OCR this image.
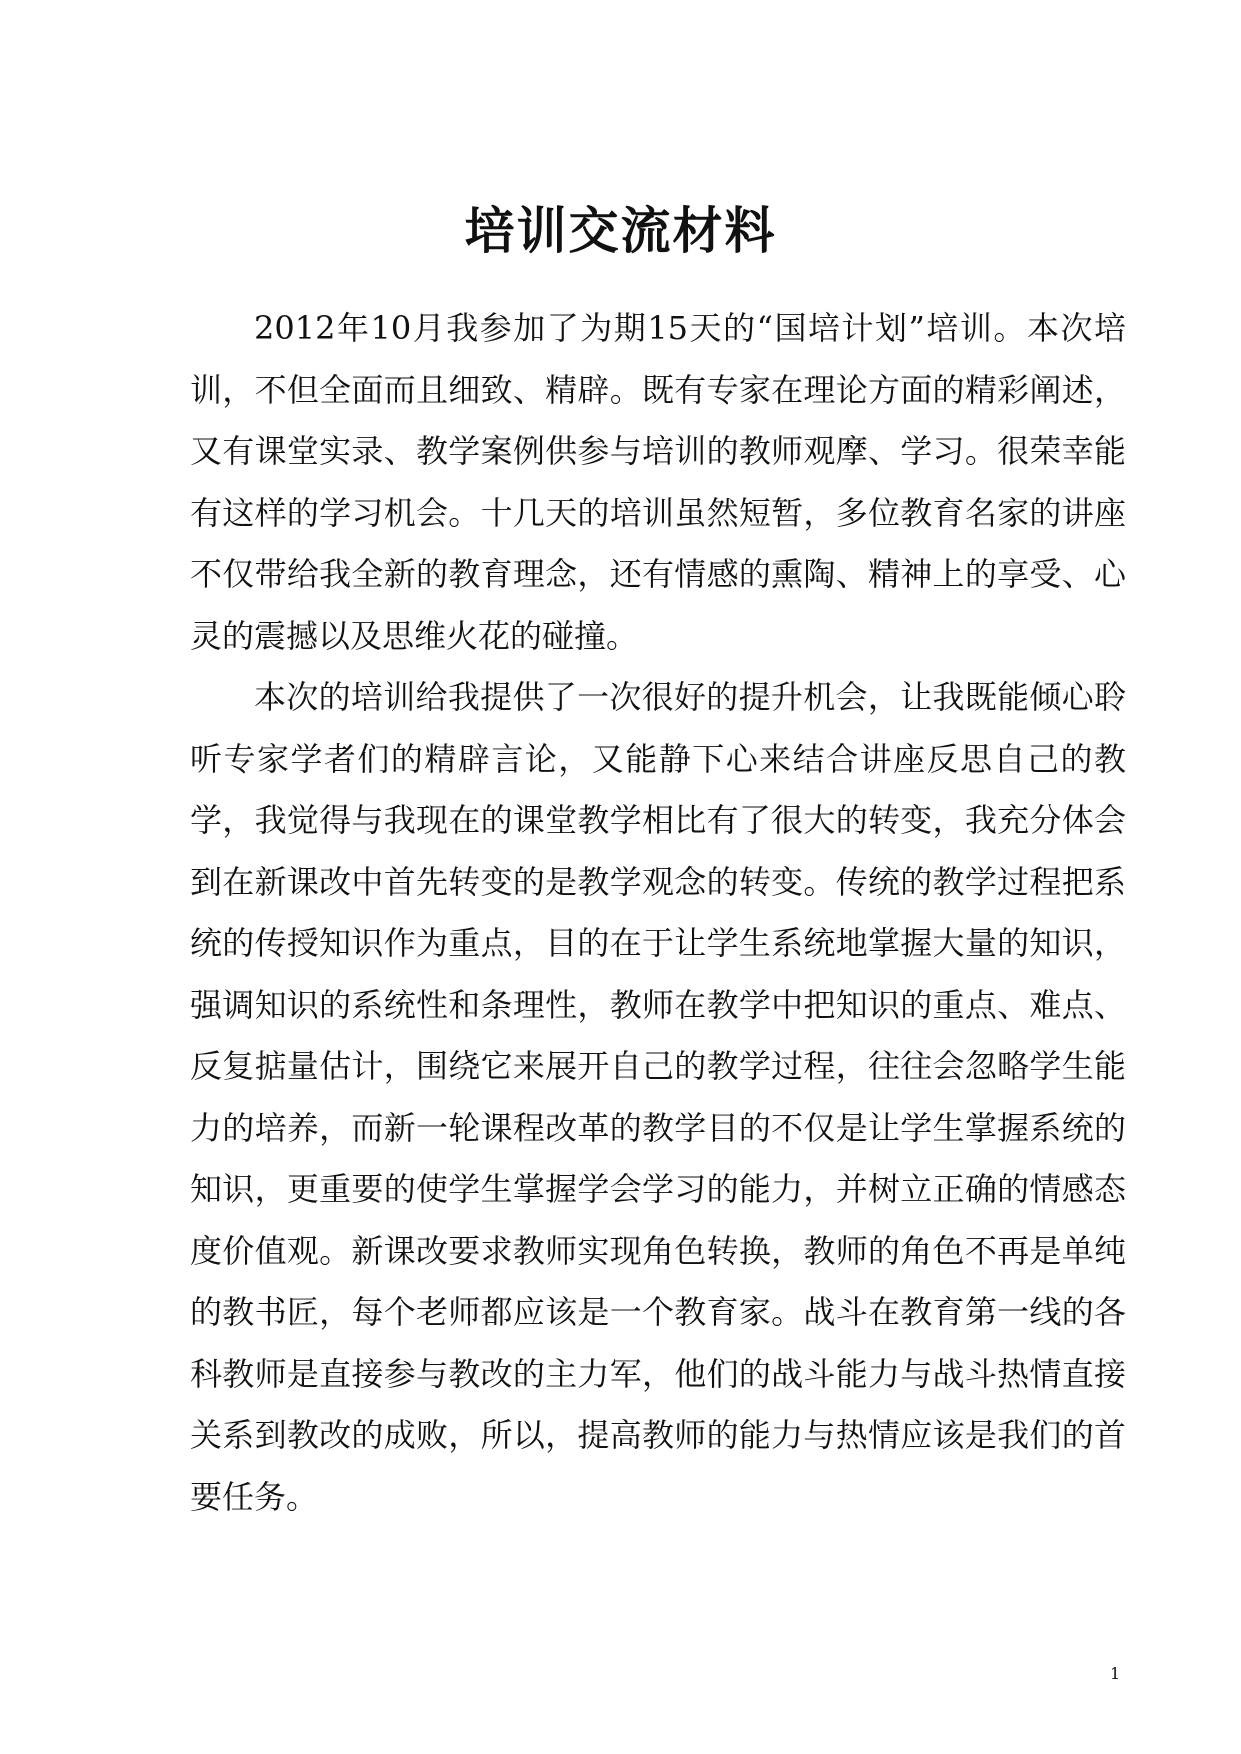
培训交流材料

2012年10月我参加了为期15天的“国培计划”培训。本次培训，不但全面而且细致、精辟。既有专家在理论方面的精彩阐述，又有课堂实录、教学案例供参与培训的教师观摩、学习。很荣幸能有这样的学习机会。十几天的培训虽然短暂，多位教育名家的讲座不仅带给我全新的教育理念，还有情感的熏陶、精神上的享受、心灵的震撼以及思维火花的碰撞。

本次的培训给我提供了一次很好的提升机会，让我既能倾心聆听专家学者们的精辟言论，又能静下心来结合讲座反思自己的教学，我觉得与我现在的课堂教学相比有了很大的转变，我充分体会到在新课改中首先转变的是教学观念的转变。传统的教学过程把系统的传授知识作为重点，目的在于让学生系统地掌握大量的知识，强调知识的系统性和条理性，教师在教学中把知识的重点、难点、反复掂量估计，围绕它来展开自己的教学过程，往往会忽略学生能力的培养，而新一轮课程改革的教学目的不仅是让学生掌握系统的知识，更重要的使学生掌握学会学习的能力，并树立正确的情感态度价值观。新课改要求教师实现角色转换，教师的角色不再是单纯的教书匠，每个老师都应该是一个教育家。战斗在教育第一线的各科教师是直接参与教改的主力军，他们的战斗能力与战斗热情直接关系到教改的成败，所以，提高教师的能力与热情应该是我们的首要任务。

1
